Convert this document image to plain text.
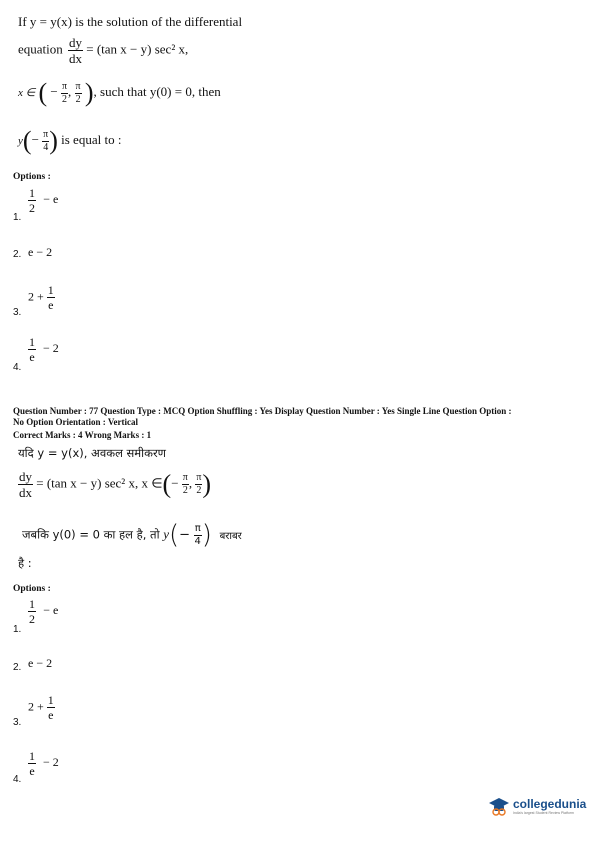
If y = y(x) is the solution of the differential
equation $\frac{dy}{dx} = (\tan$ x − y) sec² x,
x ∈ ( − $\frac{\pi}{2}$ , $\frac{\pi}{2}$ ), such that y(0) = 0, then
$y(- \frac{\pi}{4}$ ) is equal to :
Options :
1.
$\frac{1}{2} - e$
2. e − 2
3.
$2 + \frac{1}{e}$
4.
$\frac{1}{e} - 2$
Question Number : 77 Question Type : MCQ Option Shuffling : Yes Display Question Number : Yes Single Line Question Option :
No Option Orientation : Vertical
Correct Marks : 4 Wrong Marks : 1
यदि y = y(x), अवकल समीकरण
$\frac{dy}{dx} = (\tan$ x − y) sec² x, x ∈(− $\frac{\pi}{2}$ , $\frac{\pi}{2}$ )
जबकि y(0) = 0 का हल है, तो $y(- \frac{\pi}{4}$ ) बराबर
है :
Options :
1.
$\frac{1}{2} - e$
2. e − 2
3.
$2 + \frac{1}{e}$
4.
$\frac{1}{e} - 2$
collegedunia
India's largest Student Review Platform
